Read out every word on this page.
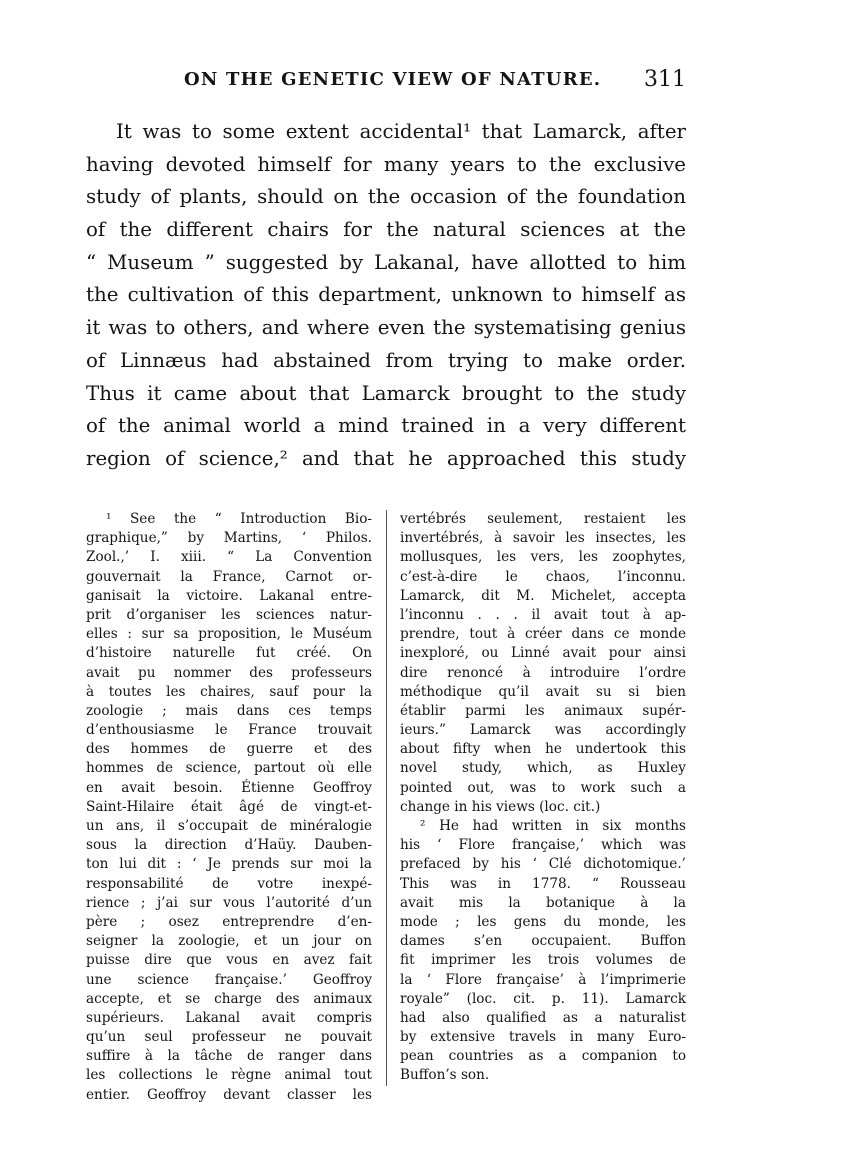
ON THE GENETIC VIEW OF NATURE. 311
It was to some extent accidental¹ that Lamarck, after
having devoted himself for many years to the exclusive
study of plants, should on the occasion of the foundation
of the different chairs for the natural sciences at the
“ Museum ” suggested by Lakanal, have allotted to him
the cultivation of this department, unknown to himself as
it was to others, and where even the systematising genius
of Linnæus had abstained from trying to make order.
Thus it came about that Lamarck brought to the study
of the animal world a mind trained in a very different
region of science,² and that he approached this study
¹ See the “ Introduction Bio-
graphique,” by Martins, ‘ Philos.
Zool.,’ I. xiii. “ La Convention
gouvernait la France, Carnot or-
ganisait la victoire. Lakanal entre-
prit d’organiser les sciences natur-
elles : sur sa proposition, le Muséum
d’histoire naturelle fut créé. On
avait pu nommer des professeurs
à toutes les chaires, sauf pour la
zoologie ; mais dans ces temps
d’enthousiasme le France trouvait
des hommes de guerre et des
hommes de science, partout où elle
en avait besoin. Étienne Geoffroy
Saint-Hilaire était âgé de vingt-et-
un ans, il s’occupait de minéralogie
sous la direction d’Haüy. Dauben-
ton lui dit : ‘ Je prends sur moi la
responsabilité de votre inexpé-
rience ; j’ai sur vous l’autorité d’un
père ; osez entreprendre d’en-
seigner la zoologie, et un jour on
puisse dire que vous en avez fait
une science française.’ Geoffroy
accepte, et se charge des animaux
supérieurs. Lakanal avait compris
qu’un seul professeur ne pouvait
suffire à la tâche de ranger dans
les collections le règne animal tout
entier. Geoffroy devant classer les
vertébrés seulement, restaient les
invertébrés, à savoir les insectes, les
mollusques, les vers, les zoophytes,
c’est-à-dire le chaos, l’inconnu.
Lamarck, dit M. Michelet, accepta
l’inconnu . . . il avait tout à ap-
prendre, tout à créer dans ce monde
inexploré, ou Linné avait pour ainsi
dire renoncé à introduire l’ordre
méthodique qu’il avait su si bien
établir parmi les animaux supér-
ieurs.” Lamarck was accordingly
about fifty when he undertook this
novel study, which, as Huxley
pointed out, was to work such a
change in his views (loc. cit.)
² He had written in six months
his ‘ Flore française,’ which was
prefaced by his ‘ Clé dichotomique.’
This was in 1778. “ Rousseau
avait mis la botanique à la
mode ; les gens du monde, les
dames s’en occupaient. Buffon
fit imprimer les trois volumes de
la ‘ Flore française’ à l’imprimerie
royale” (loc. cit. p. 11). Lamarck
had also qualified as a naturalist
by extensive travels in many Euro-
pean countries as a companion to
Buffon’s son.
